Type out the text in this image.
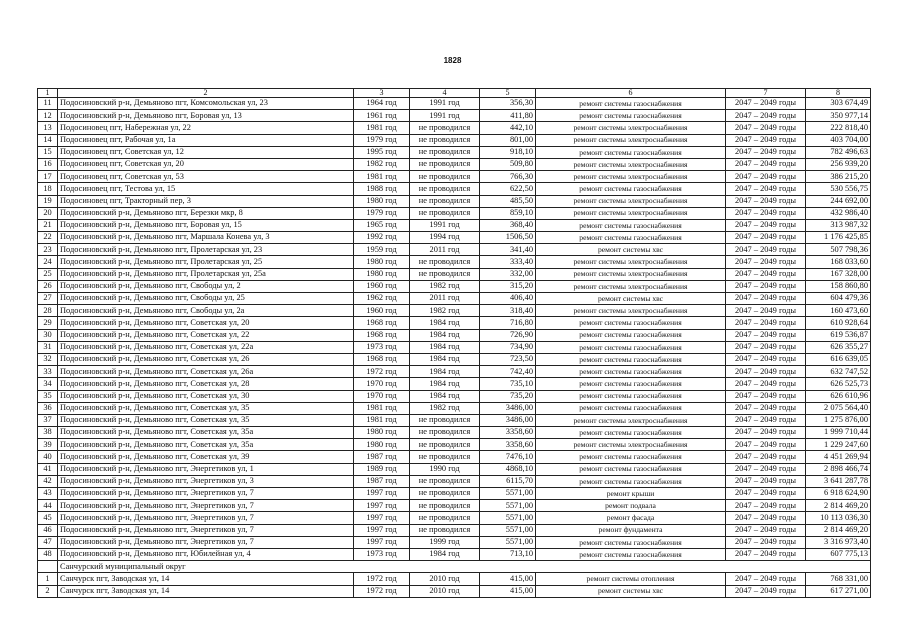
1828
1	2	3	4	5	6	7	8
11	Подосиновский р-н, Демьяново пгт, Комсомольская ул, 23	1964 год	1991 год	356,30	ремонт системы газоснабжения	2047 – 2049 годы	303 674,49
12	Подосиновский р-н, Демьяново пгт, Боровая ул, 13	1961 год	1991 год	411,80	ремонт системы газоснабжения	2047 – 2049 годы	350 977,14
13	Подосиновец пгт, Набережная ул, 22	1981 год	не проводился	442,10	ремонт системы электроснабжения	2047 – 2049 годы	222 818,40
14	Подосиновец пгт, Рабочая ул, 1а	1979 год	не проводился	801,00	ремонт системы электроснабжения	2047 – 2049 годы	403 704,00
15	Подосиновец пгт, Советская ул, 12	1995 год	не проводился	918,10	ремонт системы газоснабжения	2047 – 2049 годы	782 496,63
16	Подосиновец пгт, Советская ул, 20	1982 год	не проводился	509,80	ремонт системы электроснабжения	2047 – 2049 годы	256 939,20
17	Подосиновец пгт, Советская ул, 53	1981 год	не проводился	766,30	ремонт системы электроснабжения	2047 – 2049 годы	386 215,20
18	Подосиновец пгт, Тестова ул, 15	1988 год	не проводился	622,50	ремонт системы газоснабжения	2047 – 2049 годы	530 556,75
19	Подосиновец пгт, Тракторный пер, 3	1980 год	не проводился	485,50	ремонт системы электроснабжения	2047 – 2049 годы	244 692,00
20	Подосиновский р-н, Демьяново пгт, Березки мкр, 8	1979 год	не проводился	859,10	ремонт системы электроснабжения	2047 – 2049 годы	432 986,40
21	Подосиновский р-н, Демьяново пгт, Боровая ул, 15	1965 год	1991 год	368,40	ремонт системы газоснабжения	2047 – 2049 годы	313 987,32
22	Подосиновский р-н, Демьяново пгт, Маршала Конева ул, 3	1992 год	1994 год	1506,50	ремонт системы газоснабжения	2047 – 2049 годы	1 176 425,85
23	Подосиновский р-н, Демьяново пгт, Пролетарская ул, 23	1959 год	2011 год	341,40	ремонт системы хвс	2047 – 2049 годы	507 798,36
24	Подосиновский р-н, Демьяново пгт, Пролетарская ул, 25	1980 год	не проводился	333,40	ремонт системы электроснабжения	2047 – 2049 годы	168 033,60
25	Подосиновский р-н, Демьяново пгт, Пролетарская ул, 25а	1980 год	не проводился	332,00	ремонт системы электроснабжения	2047 – 2049 годы	167 328,00
26	Подосиновский р-н, Демьяново пгт, Свободы ул, 2	1960 год	1982 год	315,20	ремонт системы электроснабжения	2047 – 2049 годы	158 860,80
27	Подосиновский р-н, Демьяново пгт, Свободы ул, 25	1962 год	2011 год	406,40	ремонт системы хвс	2047 – 2049 годы	604 479,36
28	Подосиновский р-н, Демьяново пгт, Свободы ул, 2а	1960 год	1982 год	318,40	ремонт системы электроснабжения	2047 – 2049 годы	160 473,60
29	Подосиновский р-н, Демьяново пгт, Советская ул, 20	1968 год	1984 год	716,80	ремонт системы газоснабжения	2047 – 2049 годы	610 928,64
30	Подосиновский р-н, Демьяново пгт, Советская ул, 22	1968 год	1984 год	726,90	ремонт системы газоснабжения	2047 – 2049 годы	619 536,87
31	Подосиновский р-н, Демьяново пгт, Советская ул, 22а	1973 год	1984 год	734,90	ремонт системы газоснабжения	2047 – 2049 годы	626 355,27
32	Подосиновский р-н, Демьяново пгт, Советская ул, 26	1968 год	1984 год	723,50	ремонт системы газоснабжения	2047 – 2049 годы	616 639,05
33	Подосиновский р-н, Демьяново пгт, Советская ул, 26а	1972 год	1984 год	742,40	ремонт системы газоснабжения	2047 – 2049 годы	632 747,52
34	Подосиновский р-н, Демьяново пгт, Советская ул, 28	1970 год	1984 год	735,10	ремонт системы газоснабжения	2047 – 2049 годы	626 525,73
35	Подосиновский р-н, Демьяново пгт, Советская ул, 30	1970 год	1984 год	735,20	ремонт системы газоснабжения	2047 – 2049 годы	626 610,96
36	Подосиновский р-н, Демьяново пгт, Советская ул, 35	1981 год	1982 год	3486,00	ремонт системы газоснабжения	2047 – 2049 годы	2 075 564,40
37	Подосиновский р-н, Демьяново пгт, Советская ул, 35	1981 год	не проводился	3486,00	ремонт системы электроснабжения	2047 – 2049 годы	1 275 876,00
38	Подосиновский р-н, Демьяново пгт, Советская ул, 35а	1980 год	не проводился	3358,60	ремонт системы газоснабжения	2047 – 2049 годы	1 999 710,44
39	Подосиновский р-н, Демьяново пгт, Советская ул, 35а	1980 год	не проводился	3358,60	ремонт системы электроснабжения	2047 – 2049 годы	1 229 247,60
40	Подосиновский р-н, Демьяново пгт, Советская ул, 39	1987 год	не проводился	7476,10	ремонт системы газоснабжения	2047 – 2049 годы	4 451 269,94
41	Подосиновский р-н, Демьяново пгт, Энергетиков ул, 1	1989 год	1990 год	4868,10	ремонт системы газоснабжения	2047 – 2049 годы	2 898 466,74
42	Подосиновский р-н, Демьяново пгт, Энергетиков ул, 3	1987 год	не проводился	6115,70	ремонт системы газоснабжения	2047 – 2049 годы	3 641 287,78
43	Подосиновский р-н, Демьяново пгт, Энергетиков ул, 7	1997 год	не проводился	5571,00	ремонт крыши	2047 – 2049 годы	6 918 624,90
44	Подосиновский р-н, Демьяново пгт, Энергетиков ул, 7	1997 год	не проводился	5571,00	ремонт подвала	2047 – 2049 годы	2 814 469,20
45	Подосиновский р-н, Демьяново пгт, Энергетиков ул, 7	1997 год	не проводился	5571,00	ремонт фасада	2047 – 2049 годы	10 113 036,30
46	Подосиновский р-н, Демьяново пгт, Энергетиков ул, 7	1997 год	не проводился	5571,00	ремонт фундамента	2047 – 2049 годы	2 814 469,20
47	Подосиновский р-н, Демьяново пгт, Энергетиков ул, 7	1997 год	1999 год	5571,00	ремонт системы газоснабжения	2047 – 2049 годы	3 316 973,40
48	Подосиновский р-н, Демьяново пгт, Юбилейная ул, 4	1973 год	1984 год	713,10	ремонт системы газоснабжения	2047 – 2049 годы	607 775,13
	Санчурский муниципальный округ						
1	Санчурск пгт, Заводская ул, 14	1972 год	2010 год	415,00	ремонт системы отопления	2047 – 2049 годы	768 331,00
2	Санчурск пгт, Заводская ул, 14	1972 год	2010 год	415,00	ремонт системы хвс	2047 – 2049 годы	617 271,00
